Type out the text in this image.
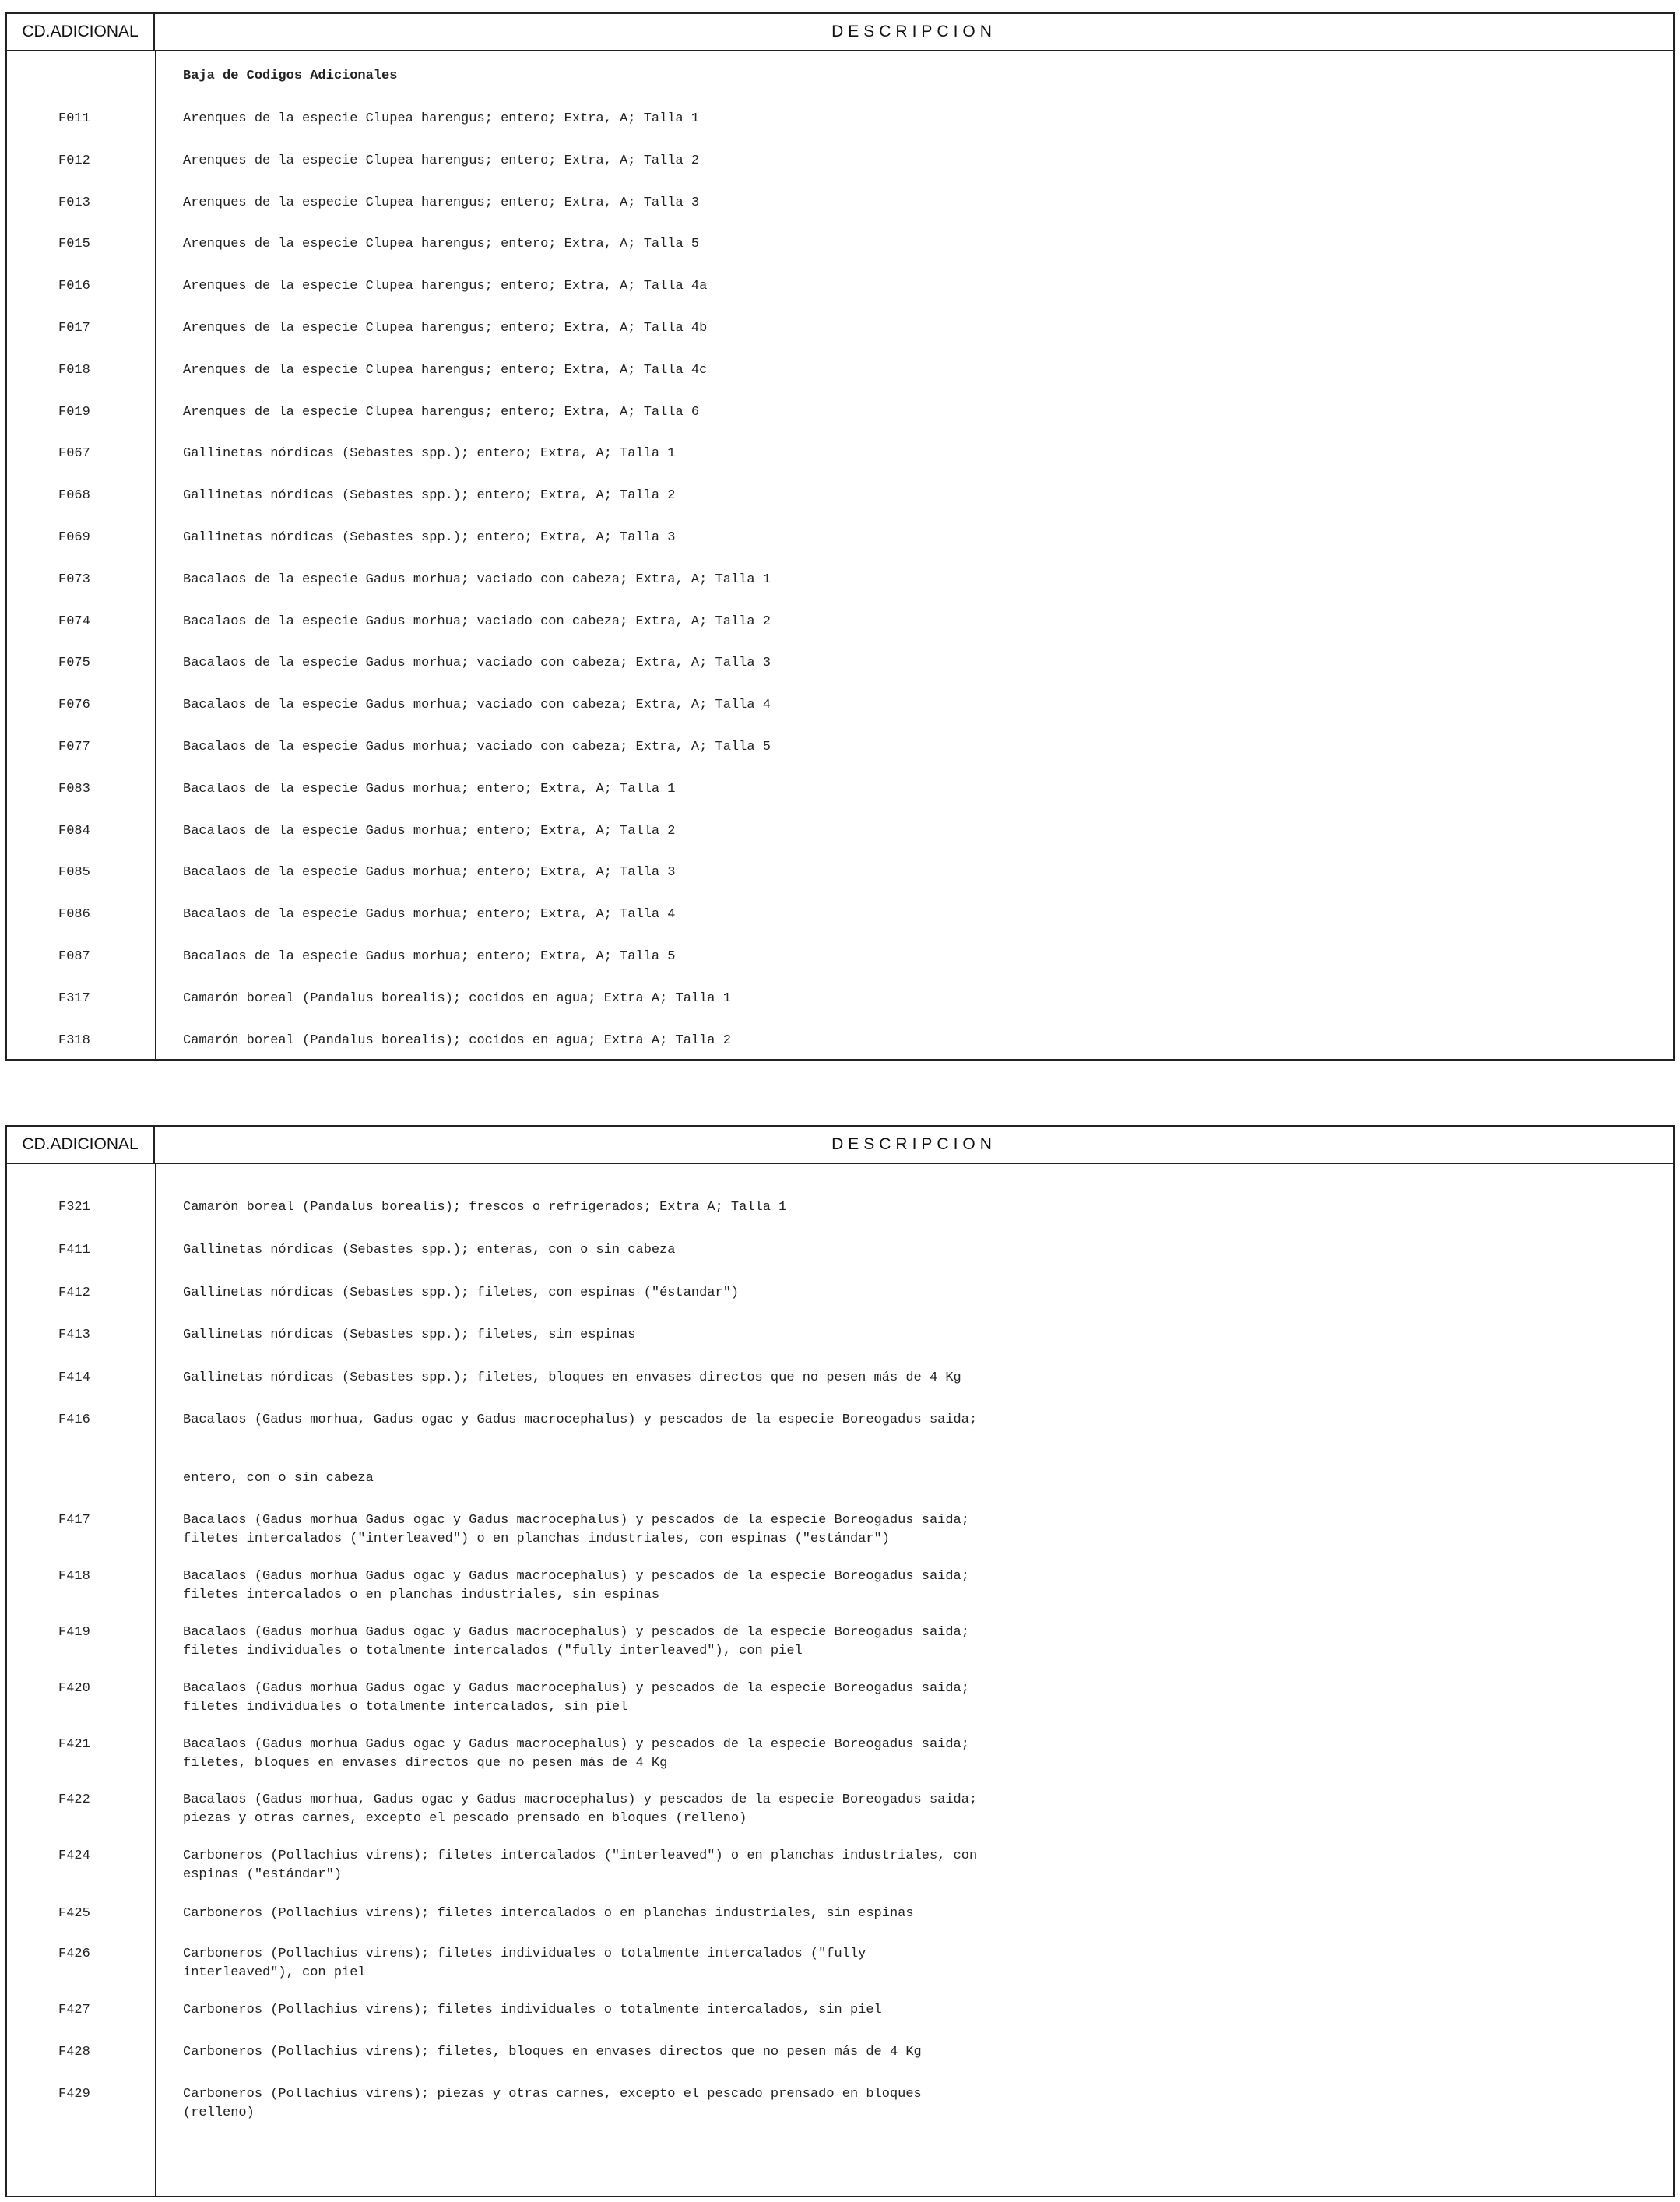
CD.ADICIONAL	DESCRIPCION
Baja de Codigos Adicionales
F011	Arenques de la especie Clupea harengus; entero; Extra, A; Talla 1
F012	Arenques de la especie Clupea harengus; entero; Extra, A; Talla 2
F013	Arenques de la especie Clupea harengus; entero; Extra, A; Talla 3
F015	Arenques de la especie Clupea harengus; entero; Extra, A; Talla 5
F016	Arenques de la especie Clupea harengus; entero; Extra, A; Talla 4a
F017	Arenques de la especie Clupea harengus; entero; Extra, A; Talla 4b
F018	Arenques de la especie Clupea harengus; entero; Extra, A; Talla 4c
F019	Arenques de la especie Clupea harengus; entero; Extra, A; Talla 6
F067	Gallinetas nórdicas (Sebastes spp.); entero; Extra, A; Talla 1
F068	Gallinetas nórdicas (Sebastes spp.); entero; Extra, A; Talla 2
F069	Gallinetas nórdicas (Sebastes spp.); entero; Extra, A; Talla 3
F073	Bacalaos de la especie Gadus morhua; vaciado con cabeza; Extra, A; Talla 1
F074	Bacalaos de la especie Gadus morhua; vaciado con cabeza; Extra, A; Talla 2
F075	Bacalaos de la especie Gadus morhua; vaciado con cabeza; Extra, A; Talla 3
F076	Bacalaos de la especie Gadus morhua; vaciado con cabeza; Extra, A; Talla 4
F077	Bacalaos de la especie Gadus morhua; vaciado con cabeza; Extra, A; Talla 5
F083	Bacalaos de la especie Gadus morhua; entero; Extra, A; Talla 1
F084	Bacalaos de la especie Gadus morhua; entero; Extra, A; Talla 2
F085	Bacalaos de la especie Gadus morhua; entero; Extra, A; Talla 3
F086	Bacalaos de la especie Gadus morhua; entero; Extra, A; Talla 4
F087	Bacalaos de la especie Gadus morhua; entero; Extra, A; Talla 5
F317	Camarón boreal (Pandalus borealis); cocidos en agua; Extra A; Talla 1
F318	Camarón boreal (Pandalus borealis); cocidos en agua; Extra A; Talla 2
CD.ADICIONAL	DESCRIPCION
F321	Camarón boreal (Pandalus borealis); frescos o refrigerados; Extra A; Talla 1
F411	Gallinetas nórdicas (Sebastes spp.); enteras, con o sin cabeza
F412	Gallinetas nórdicas (Sebastes spp.); filetes, con espinas ("éstandar")
F413	Gallinetas nórdicas (Sebastes spp.); filetes, sin espinas
F414	Gallinetas nórdicas (Sebastes spp.); filetes, bloques en envases directos que no pesen más de 4 Kg
F416	Bacalaos (Gadus morhua, Gadus ogac y Gadus macrocephalus) y pescados de la especie Boreogadus saida;
entero, con o sin cabeza
F417	Bacalaos (Gadus morhua Gadus ogac y Gadus macrocephalus) y pescados de la especie Boreogadus saida;
filetes intercalados ("interleaved") o en planchas industriales, con espinas ("estándar")
F418	Bacalaos (Gadus morhua Gadus ogac y Gadus macrocephalus) y pescados de la especie Boreogadus saida;
filetes intercalados o en planchas industriales, sin espinas
F419	Bacalaos (Gadus morhua Gadus ogac y Gadus macrocephalus) y pescados de la especie Boreogadus saida;
filetes individuales o totalmente intercalados ("fully interleaved"), con piel
F420	Bacalaos (Gadus morhua Gadus ogac y Gadus macrocephalus) y pescados de la especie Boreogadus saida;
filetes individuales o totalmente intercalados, sin piel
F421	Bacalaos (Gadus morhua Gadus ogac y Gadus macrocephalus) y pescados de la especie Boreogadus saida;
filetes, bloques en envases directos que no pesen más de 4 Kg
F422	Bacalaos (Gadus morhua, Gadus ogac y Gadus macrocephalus) y pescados de la especie Boreogadus saida;
piezas y otras carnes, excepto el pescado prensado en bloques (relleno)
F424	Carboneros (Pollachius virens); filetes intercalados ("interleaved") o en planchas industriales, con
espinas ("estándar")
F425	Carboneros (Pollachius virens); filetes intercalados o en planchas industriales, sin espinas
F426	Carboneros (Pollachius virens); filetes individuales o totalmente intercalados ("fully
interleaved"), con piel
F427	Carboneros (Pollachius virens); filetes individuales o totalmente intercalados, sin piel
F428	Carboneros (Pollachius virens); filetes, bloques en envases directos que no pesen más de 4 Kg
F429	Carboneros (Pollachius virens); piezas y otras carnes, excepto el pescado prensado en bloques
(relleno)
